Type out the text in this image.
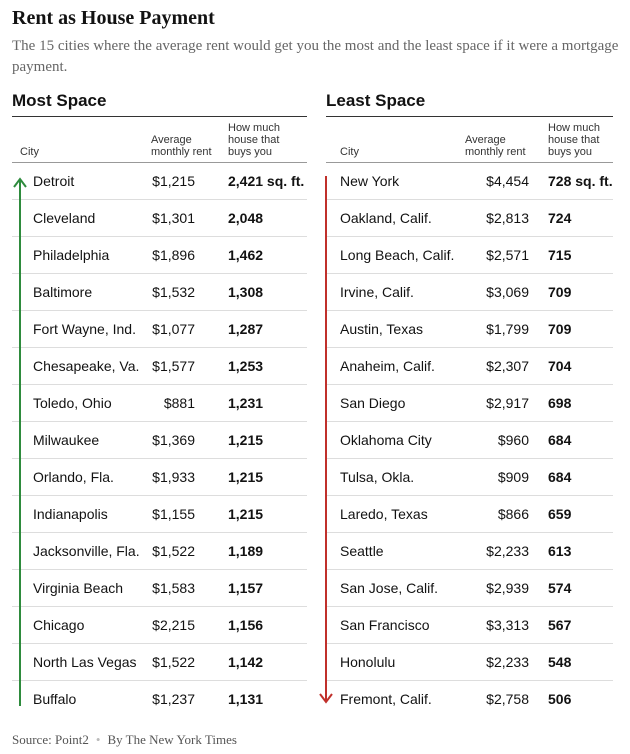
Rent as House Payment
The 15 cities where the average rent would get you the most and the least space if it were a mortgage payment.
Most Space
City
Average
monthly rent
How much
house that
buys you
Detroit	$1,215 2,421 sq. ft.
Cleveland	$1,301 2,048
Philadelphia	$1,896 1,462
Baltimore	$1,532 1,308
Fort Wayne, Ind. $1,077 1,287
Chesapeake, Va. $1,577 1,253
Toledo, Ohio	$881 1,231
Milwaukee	$1,369 1,215
Orlando, Fla.	$1,933 1,215
Indianapolis	$1,155 1,215
Jacksonville, Fla. $1,522 1,189
Virginia Beach $1,583 1,157
Chicago	$2,215 1,156
North Las Vegas $1,522 1,142
Buffalo	$1,237 1,131
Least Space
City
Average
monthly rent
How much
house that
buys you
New York	$4,454 728 sq. ft.
Oakland, Calif.	$2,813 724
Long Beach, Calif. $2,571 715
Irvine, Calif.	$3,069 709
Austin, Texas	$1,799 709
Anaheim, Calif.	$2,307 704
San Diego	$2,917 698
Oklahoma City	$960 684
Tulsa, Okla.	$909 684
Laredo, Texas	$866 659
Seattle	$2,233 613
San Jose, Calif.	$2,939 574
San Francisco	$3,313 567
Honolulu	$2,233 548
Fremont, Calif.	$2,758 506
Source: Point2 • By The New York Times
